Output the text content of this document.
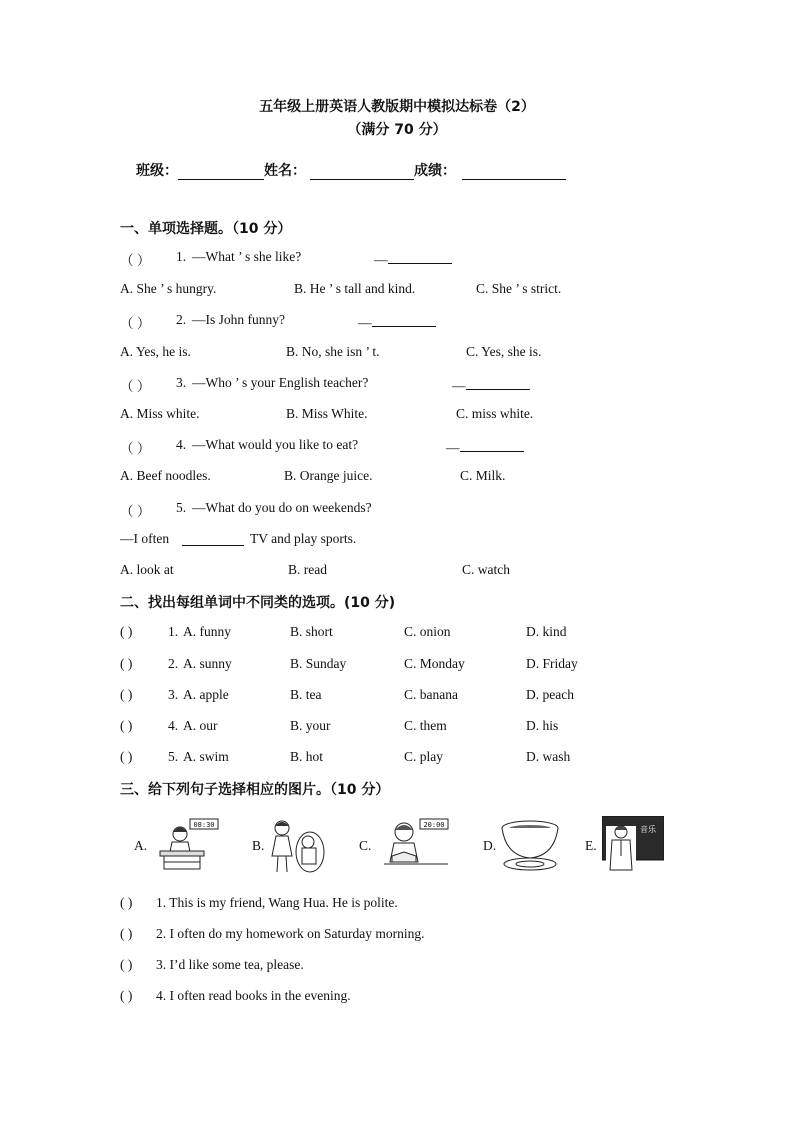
五年级上册英语人教版期中模拟达标卷（2）
（满分 70 分）
班级：	姓名：	成绩：
一、单项选择题。（10 分）
（ ） 1. —What ’ s she like?	—
A. She ’ s hungry.	B. He ’ s tall and kind.	C. She ’ s strict.
（ ） 2. —Is John funny?	—
A. Yes, he is.	B. No, she isn ’ t.	C. Yes, she is.
（ ） 3. —Who ’ s your English teacher?	—
A. Miss white.	B. Miss White.	C. miss white.
（ ） 4. —What would you like to eat?	—
A. Beef noodles.	B. Orange juice.	C. Milk.
（ ） 5. —What do you do on weekends?
—I often	TV and play sports.
A. look at	B. read	C. watch
二、找出每组单词中不同类的选项。(10 分)
( )	1. A. funny	B. short	C. onion	D. kind
( )	2. A. sunny	B. Sunday	C. Monday	D. Friday
( )	3. A. apple	B. tea	C. banana	D. peach
( )	4. A. our	B. your	C. them	D. his
( )	5. A. swim	B. hot	C. play	D. wash
三、给下列句子选择相应的图片。（10 分）
A.
08:30
B.	C.
20:00
D.	E.
音乐
( ) 1. This is my friend, Wang Hua. He is polite.
( ) 2. I often do my homework on Saturday morning.
( ) 3. I’d like some tea, please.
( ) 4. I often read books in the evening.
